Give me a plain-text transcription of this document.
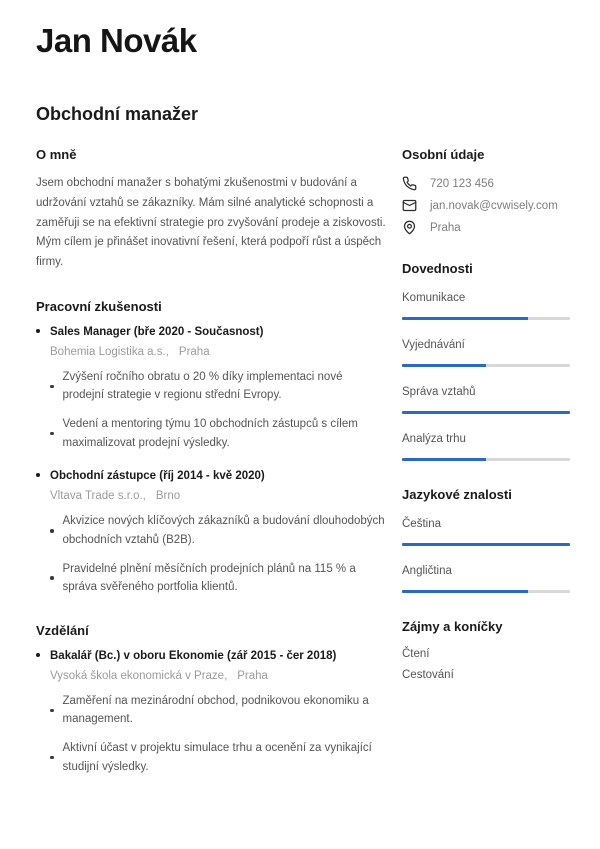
Jan Novák
Obchodní manažer
O mně
Jsem obchodní manažer s bohatými zkušenostmi v budování a udržování vztahů se zákazníky. Mám silné analytické schopnosti a zaměřuji se na efektivní strategie pro zvyšování prodeje a ziskovosti. Mým cílem je přinášet inovativní řešení, která podpoří růst a úspěch firmy.
Pracovní zkušenosti
Sales Manager (bře 2020 - Současnost)
Bohemia Logistika a.s., Praha
Zvýšení ročního obratu o 20 % díky implementaci nové prodejní strategie v regionu střední Evropy.
Vedení a mentoring týmu 10 obchodních zástupců s cílem maximalizovat prodejní výsledky.
Obchodní zástupce (říj 2014 - kvě 2020)
Vltava Trade s.r.o., Brno
Akvizice nových klíčových zákazníků a budování dlouhodobých obchodních vztahů (B2B).
Pravidelné plnění měsíčních prodejních plánů na 115 % a správa svěřeného portfolia klientů.
Vzdělání
Bakalář (Bc.) v oboru Ekonomie (zář 2015 - čer 2018)
Vysoká škola ekonomická v Praze, Praha
Zaměření na mezinárodní obchod, podnikovou ekonomiku a management.
Aktivní účast v projektu simulace trhu a ocenění za vynikající studijní výsledky.
Osobní údaje
720 123 456
jan.novak@cvwisely.com
Praha
Dovednosti
Komunikace
Vyjednávání
Správa vztahů
Analýza trhu
Jazykové znalosti
Čeština
Angličtina
Zájmy a koníčky
Čtení
Cestování
